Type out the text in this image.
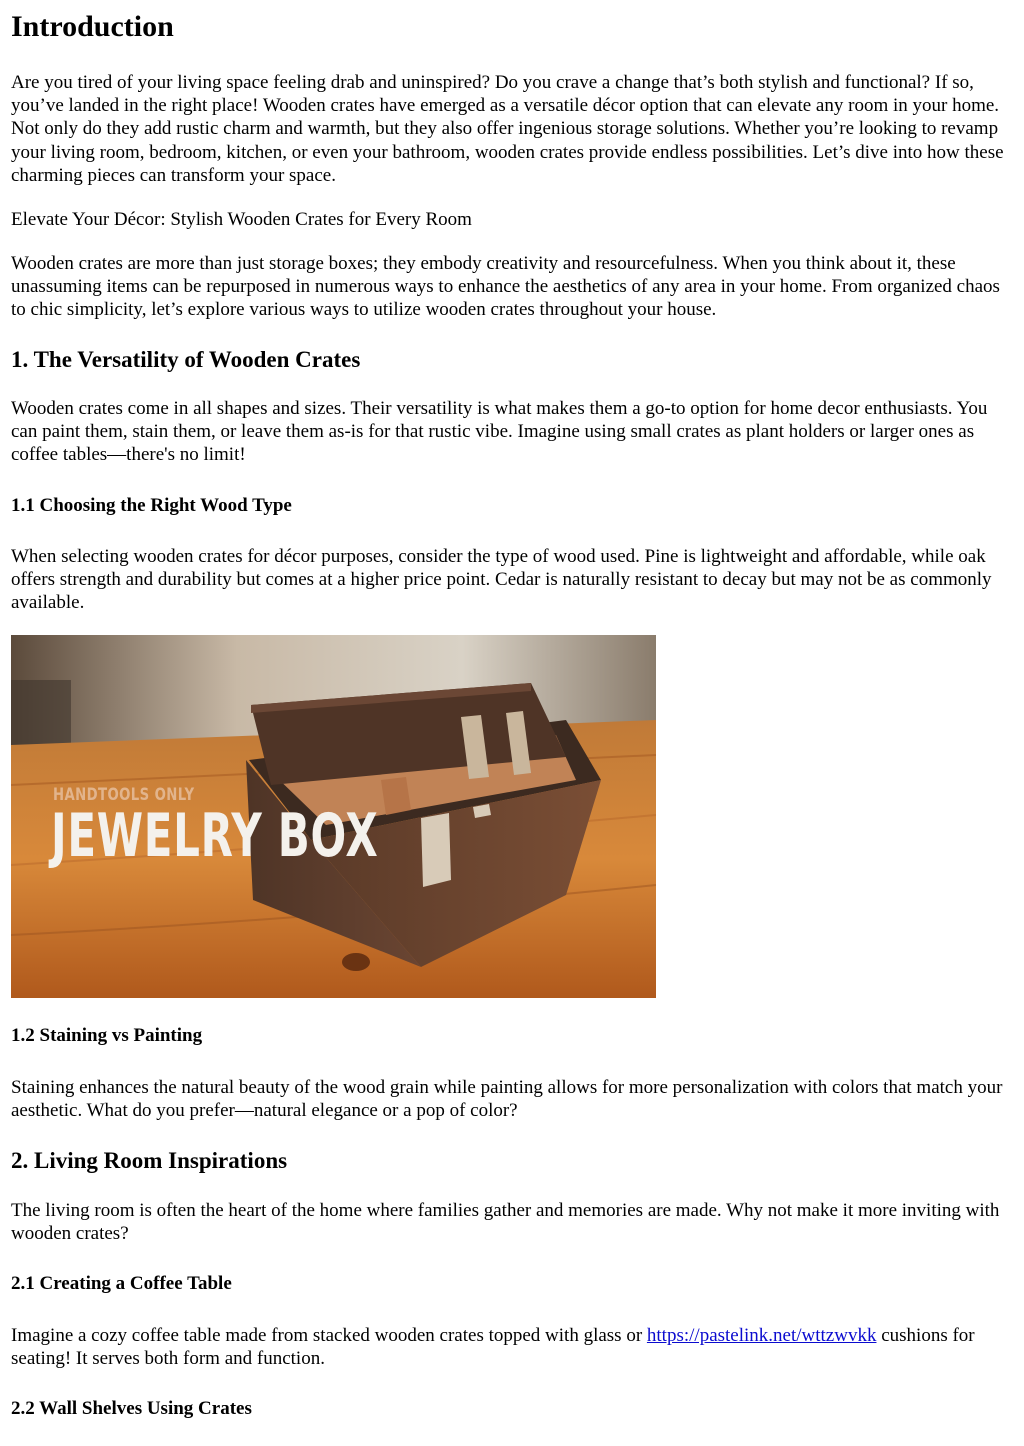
Introduction

Are you tired of your living space feeling drab and uninspired? Do you crave a change that’s both stylish and functional? If so, you’ve landed in the right place! Wooden crates have emerged as a versatile décor option that can elevate any room in your home. Not only do they add rustic charm and warmth, but they also offer ingenious storage solutions. Whether you’re looking to revamp your living room, bedroom, kitchen, or even your bathroom, wooden crates provide endless possibilities. Let’s dive into how these charming pieces can transform your space.

Elevate Your Décor: Stylish Wooden Crates for Every Room

Wooden crates are more than just storage boxes; they embody creativity and resourcefulness. When you think about it, these unassuming items can be repurposed in numerous ways to enhance the aesthetics of any area in your home. From organized chaos to chic simplicity, let’s explore various ways to utilize wooden crates throughout your house.

1. The Versatility of Wooden Crates

Wooden crates come in all shapes and sizes. Their versatility is what makes them a go-to option for home decor enthusiasts. You can paint them, stain them, or leave them as-is for that rustic vibe. Imagine using small crates as plant holders or larger ones as coffee tables—there's no limit!

1.1 Choosing the Right Wood Type

When selecting wooden crates for décor purposes, consider the type of wood used. Pine is lightweight and affordable, while oak offers strength and durability but comes at a higher price point. Cedar is naturally resistant to decay but may not be as commonly available.

HANDTOOLS ONLY
JEWELRY BOX
1.2 Staining vs Painting

Staining enhances the natural beauty of the wood grain while painting allows for more personalization with colors that match your aesthetic. What do you prefer—natural elegance or a pop of color?

2. Living Room Inspirations

The living room is often the heart of the home where families gather and memories are made. Why not make it more inviting with wooden crates?

2.1 Creating a Coffee Table

Imagine a cozy coffee table made from stacked wooden crates topped with glass or https://pastelink.net/wttzwvkk cushions for seating! It serves both form and function.

2.2 Wall Shelves Using Crates
